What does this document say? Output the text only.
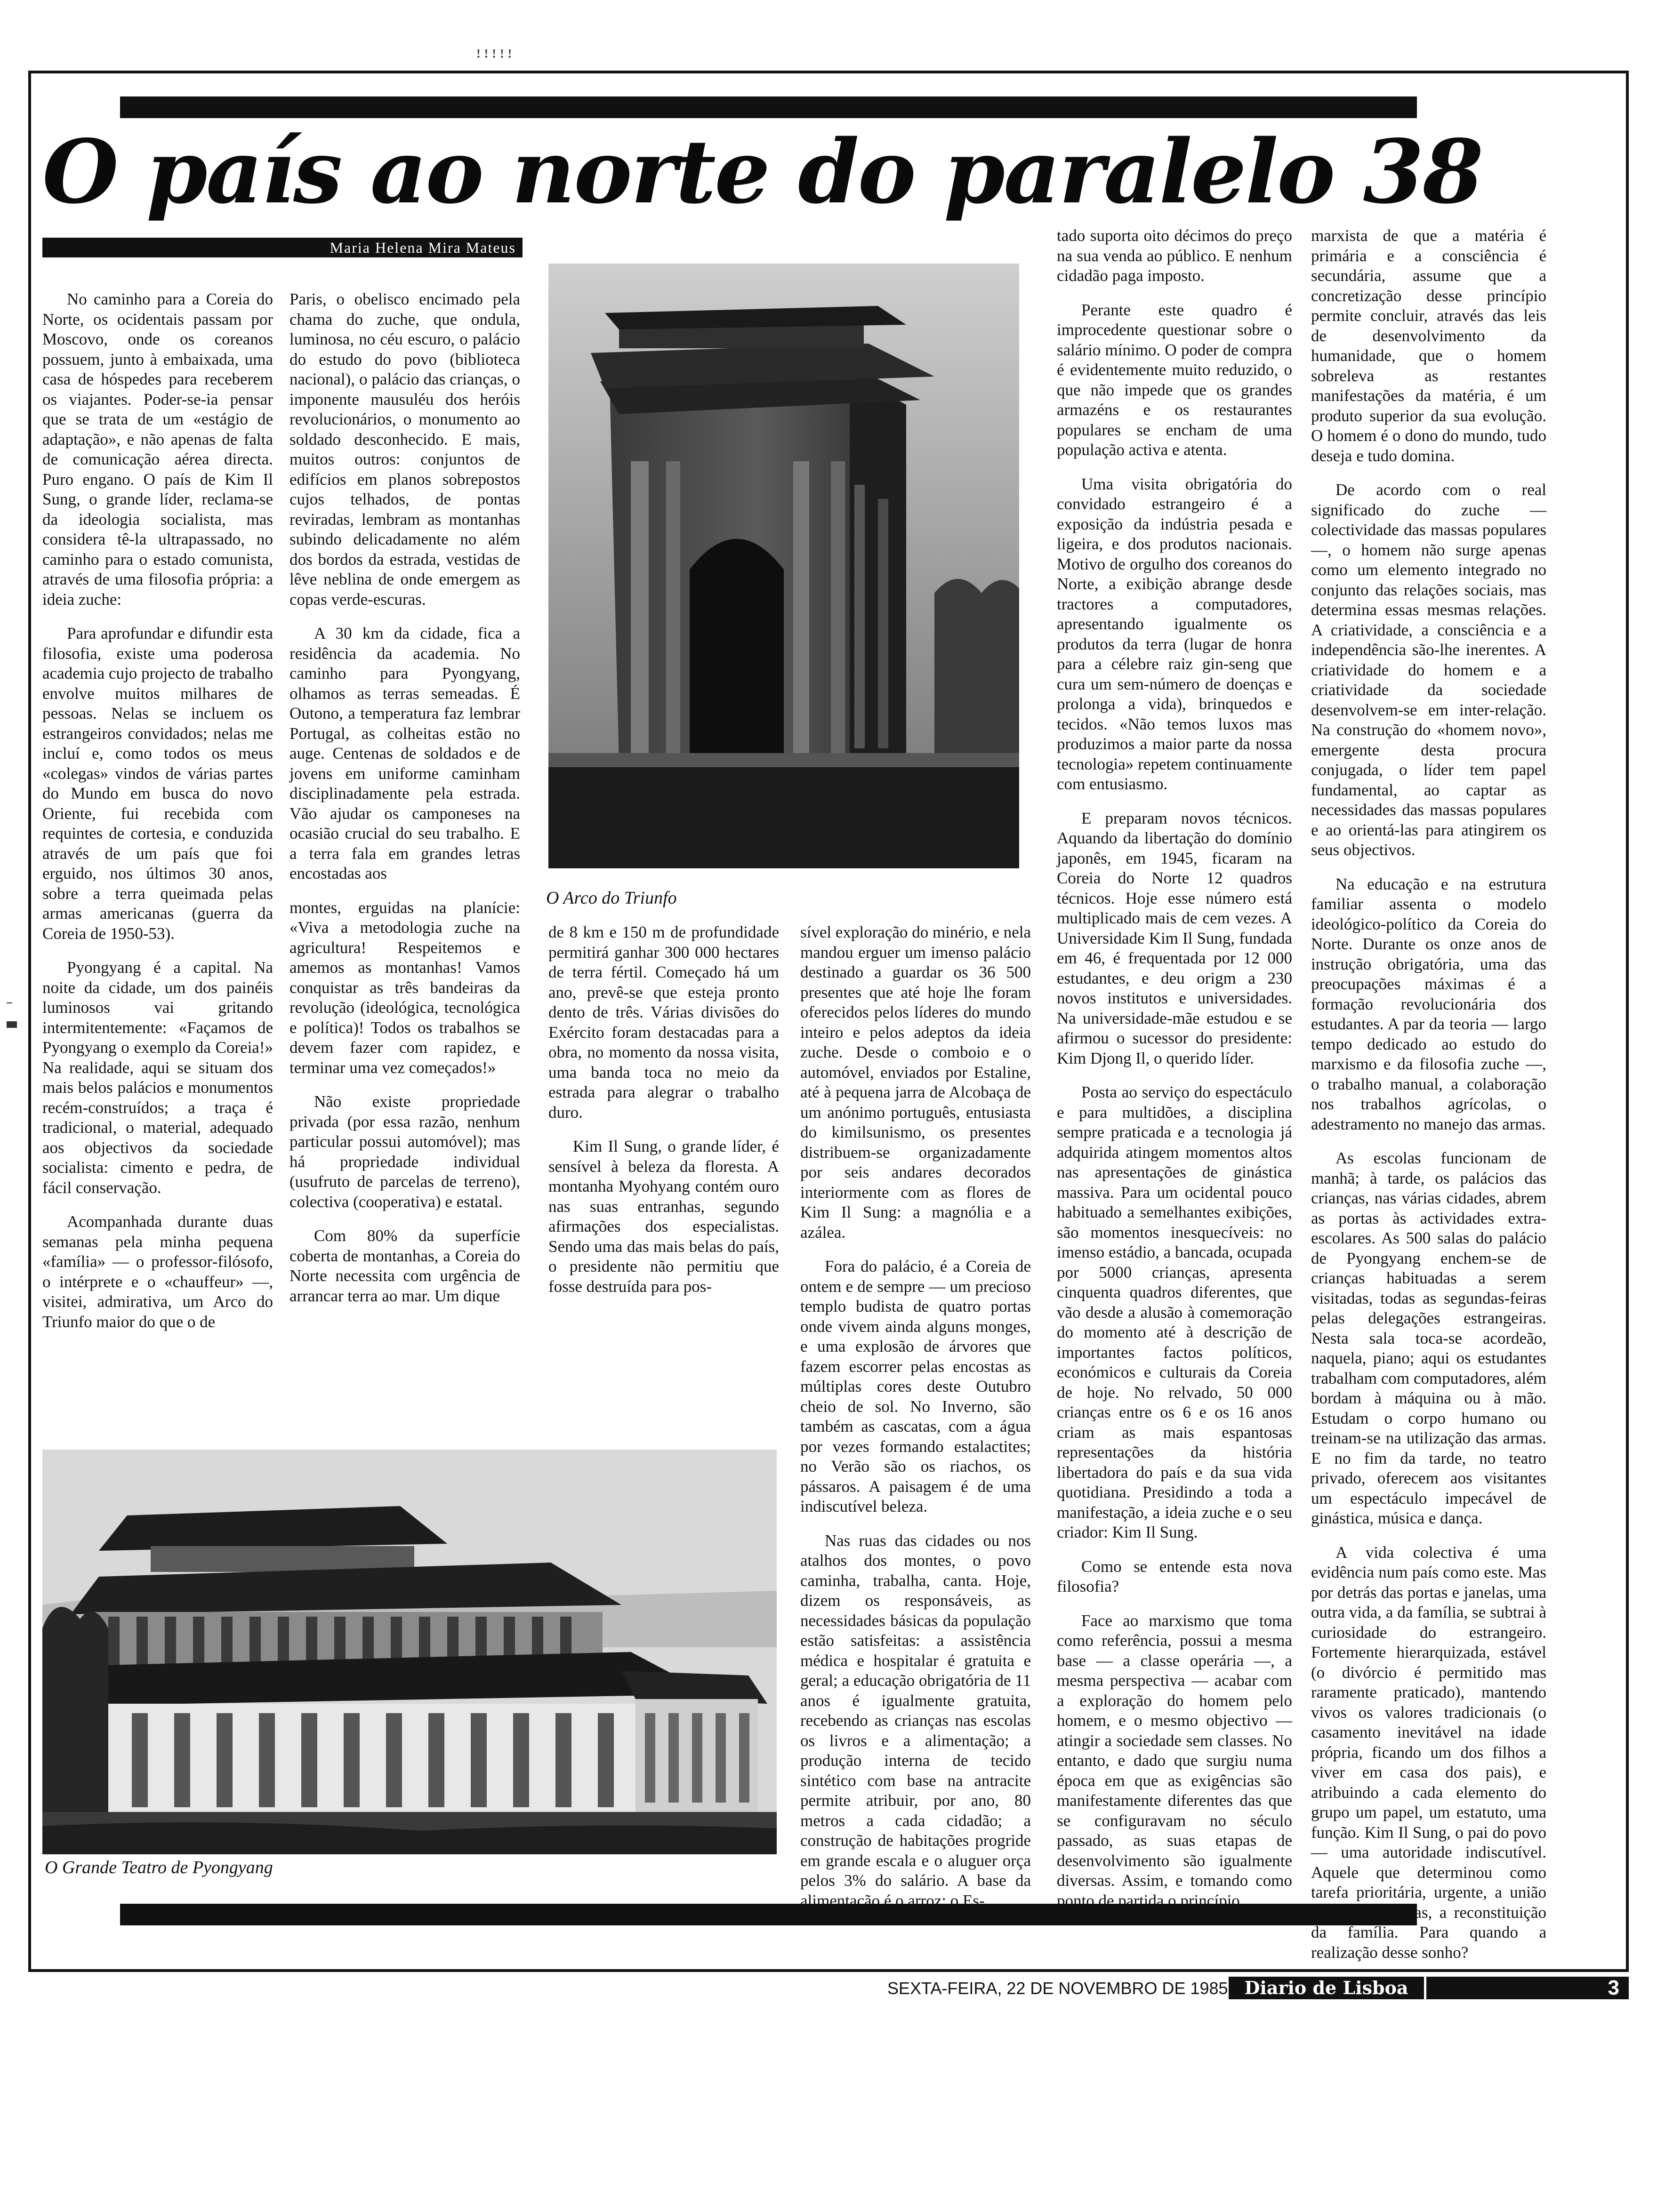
ꜝꜝꜝꜝꜝ
O país ao norte do paralelo 38
Maria Helena Mira Mateus

No caminho para a Coreia do Norte, os ocidentais passam por Moscovo, onde os coreanos possuem, junto à embaixada, uma casa de hóspedes para receberem os viajantes. Poder-se-ia pensar que se trata de um «estágio de adaptação», e não apenas de falta de comunicação aérea directa. Puro engano. O país de Kim Il Sung, o grande líder, reclama-se da ideologia socialista, mas considera tê-la ultrapassado, no caminho para o estado comunista, através de uma filosofia própria: a ideia zuche:

Para aprofundar e difundir esta filosofia, existe uma poderosa academia cujo projecto de trabalho envolve muitos milhares de pessoas. Nelas se incluem os estrangeiros convidados; nelas me incluí e, como todos os meus «colegas» vindos de várias partes do Mundo em busca do novo Oriente, fui recebida com requintes de cortesia, e conduzida através de um país que foi erguido, nos últimos 30 anos, sobre a terra queimada pelas armas americanas (guerra da Coreia de 1950-53).

Pyongyang é a capital. Na noite da cidade, um dos painéis luminosos vai gritando intermitentemente: «Façamos de Pyongyang o exemplo da Coreia!» Na realidade, aqui se situam dos mais belos palácios e monumentos recém-construídos; a traça é tradicional, o material, adequado aos objectivos da sociedade socialista: cimento e pedra, de fácil conservação.

Acompanhada durante duas semanas pela minha pequena «família» — o professor-filósofo, o intérprete e o «chauffeur» —, visitei, admirativa, um Arco do Triunfo maior do que o de

Paris, o obelisco encimado pela chama do zuche, que ondula, luminosa, no céu escuro, o palácio do estudo do povo (biblioteca nacional), o palácio das crianças, o imponente mausuléu dos heróis revolucionários, o monumento ao soldado desconhecido. E mais, muitos outros: conjuntos de edifícios em planos sobrepostos cujos telhados, de pontas reviradas, lembram as montanhas subindo delicadamente no além dos bordos da estrada, vestidas de lêve neblina de onde emergem as copas verde-escuras.

A 30 km da cidade, fica a residência da academia. No caminho para Pyongyang, olhamos as terras semeadas. É Outono, a temperatura faz lembrar Portugal, as colheitas estão no auge. Centenas de soldados e de jovens em uniforme caminham disciplinadamente pela estrada. Vão ajudar os camponeses na ocasião crucial do seu trabalho. E a terra fala em grandes letras encostadas aos

montes, erguidas na planície: «Viva a metodologia zuche na agricultura! Respeitemos e amemos as montanhas! Vamos conquistar as três bandeiras da revolução (ideológica, tecnológica e política)! Todos os trabalhos se devem fazer com rapidez, e terminar uma vez começados!»

Não existe propriedade privada (por essa razão, nenhum particular possui automóvel); mas há propriedade individual (usufruto de parcelas de terreno), colectiva (cooperativa) e estatal.

Com 80% da superfície coberta de montanhas, a Coreia do Norte necessita com urgência de arrancar terra ao mar. Um dique

O Arco do Triunfo

de 8 km e 150 m de profundidade permitirá ganhar 300 000 hectares de terra fértil. Começado há um ano, prevê-se que esteja pronto dento de três. Várias divisões do Exército foram destacadas para a obra, no momento da nossa visita, uma banda toca no meio da estrada para alegrar o trabalho duro.

Kim Il Sung, o grande líder, é sensível à beleza da floresta. A montanha Myohyang contém ouro nas suas entranhas, segundo afirmações dos especialistas. Sendo uma das mais belas do país, o presidente não permitiu que fosse destruída para pos-

sível exploração do minério, e nela mandou erguer um imenso palácio destinado a guardar os 36 500 presentes que até hoje lhe foram oferecidos pelos líderes do mundo inteiro e pelos adeptos da ideia zuche. Desde o comboio e o automóvel, enviados por Estaline, até à pequena jarra de Alcobaça de um anónimo português, entusiasta do kimilsunismo, os presentes distribuem-se organizadamente por seis andares decorados interiormente com as flores de Kim Il Sung: a magnólia e a azálea.

Fora do palácio, é a Coreia de ontem e de sempre — um precioso templo budista de quatro portas onde vivem ainda alguns monges, e uma explosão de árvores que fazem escorrer pelas encostas as múltiplas cores deste Outubro cheio de sol. No Inverno, são também as cascatas, com a água por vezes formando estalactites; no Verão são os riachos, os pássaros. A paisagem é de uma indiscutível beleza.

Nas ruas das cidades ou nos atalhos dos montes, o povo caminha, trabalha, canta. Hoje, dizem os responsáveis, as necessidades básicas da população estão satisfeitas: a assistência médica e hospitalar é gratuita e geral; a educação obrigatória de 11 anos é igualmente gratuita, recebendo as crianças nas escolas os livros e a alimentação; a produção interna de tecido sintético com base na antracite permite atribuir, por ano, 80 metros a cada cidadão; a construção de habitações progride em grande escala e o aluguer orça pelos 3% do salário. A base da alimentação é o arroz; o Es-

tado suporta oito décimos do preço na sua venda ao público. E nenhum cidadão paga imposto.

Perante este quadro é improcedente questionar sobre o salário mínimo. O poder de compra é evidentemente muito reduzido, o que não impede que os grandes armazéns e os restaurantes populares se encham de uma população activa e atenta.

Uma visita obrigatória do convidado estrangeiro é a exposição da indústria pesada e ligeira, e dos produtos nacionais. Motivo de orgulho dos coreanos do Norte, a exibição abrange desde tractores a computadores, apresentando igualmente os produtos da terra (lugar de honra para a célebre raiz gin-seng que cura um sem-número de doenças e prolonga a vida), brinquedos e tecidos. «Não temos luxos mas produzimos a maior parte da nossa tecnologia» repetem continuamente com entusiasmo.

E preparam novos técnicos. Aquando da libertação do domínio japonês, em 1945, ficaram na Coreia do Norte 12 quadros técnicos. Hoje esse número está multiplicado mais de cem vezes. A Universidade Kim Il Sung, fundada em 46, é frequentada por 12 000 estudantes, e deu origm a 230 novos institutos e universidades. Na universidade-mãe estudou e se afirmou o sucessor do presidente: Kim Djong Il, o querido líder.

Posta ao serviço do espectáculo e para multidões, a disciplina sempre praticada e a tecnologia já adquirida atingem momentos altos nas apresentações de ginástica massiva. Para um ocidental pouco habituado a semelhantes exibições, são momentos inesquecíveis: no imenso estádio, a bancada, ocupada por 5000 crianças, apresenta cinquenta quadros diferentes, que vão desde a alusão à comemoração do momento até à descrição de importantes factos políticos, económicos e culturais da Coreia de hoje. No relvado, 50 000 crianças entre os 6 e os 16 anos criam as mais espantosas representações da história libertadora do país e da sua vida quotidiana. Presidindo a toda a manifestação, a ideia zuche e o seu criador: Kim Il Sung.

Como se entende esta nova filosofia?

Face ao marxismo que toma como referência, possui a mesma base — a classe operária —, a mesma perspectiva — acabar com a exploração do homem pelo homem, e o mesmo objectivo — atingir a sociedade sem classes. No entanto, e dado que surgiu numa época em que as exigências são manifestamente diferentes das que se configuravam no século passado, as suas etapas de desenvolvimento são igualmente diversas. Assim, e tomando como ponto de partida o princípio

marxista de que a matéria é primária e a consciência é secundária, assume que a concretização desse princípio permite concluir, através das leis de desenvolvimento da humanidade, que o homem sobreleva as restantes manifestações da matéria, é um produto superior da sua evolução. O homem é o dono do mundo, tudo deseja e tudo domina.

De acordo com o real significado do zuche — colectividade das massas populares —, o homem não surge apenas como um elemento integrado no conjunto das relações sociais, mas determina essas mesmas relações. A criatividade, a consciência e a independência são-lhe inerentes. A criatividade do homem e a criatividade da sociedade desenvolvem-se em inter-relação. Na construção do «homem novo», emergente desta procura conjugada, o líder tem papel fundamental, ao captar as necessidades das massas populares e ao orientá-las para atingirem os seus objectivos.

Na educação e na estrutura familiar assenta o modelo ideológico-político da Coreia do Norte. Durante os onze anos de instrução obrigatória, uma das preocupações máximas é a formação revolucionária dos estudantes. A par da teoria — largo tempo dedicado ao estudo do marxismo e da filosofia zuche —, o trabalho manual, a colaboração nos trabalhos agrícolas, o adestramento no manejo das armas.

As escolas funcionam de manhã; à tarde, os palácios das crianças, nas várias cidades, abrem as portas às actividades extra-escolares. As 500 salas do palácio de Pyongyang enchem-se de crianças habituadas a serem visitadas, todas as segundas-feiras pelas delegações estrangeiras. Nesta sala toca-se acordeão, naquela, piano; aqui os estudantes trabalham com computadores, além bordam à máquina ou à mão. Estudam o corpo humano ou treinam-se na utilização das armas. E no fim da tarde, no teatro privado, oferecem aos visitantes um espectáculo impecável de ginástica, música e dança.

A vida colectiva é uma evidência num país como este. Mas por detrás das portas e janelas, uma outra vida, a da família, se subtrai à curiosidade do estrangeiro. Fortemente hierarquizada, estável (o divórcio é permitido mas raramente praticado), mantendo vivos os valores tradicionais (o casamento inevitável na idade própria, ficando um dos filhos a viver em casa dos pais), e atribuindo a cada elemento do grupo um papel, um estatuto, uma função. Kim Il Sung, o pai do povo — uma autoridade indiscutível. Aquele que determinou como tarefa prioritária, urgente, a união das duas Coreias, a reconstituição da família. Para quando a realização desse sonho?

O Grande Teatro de Pyongyang
SEXTA-FEIRA, 22 DE NOVEMBRO DE 1985 Diario de Lisboa	3
